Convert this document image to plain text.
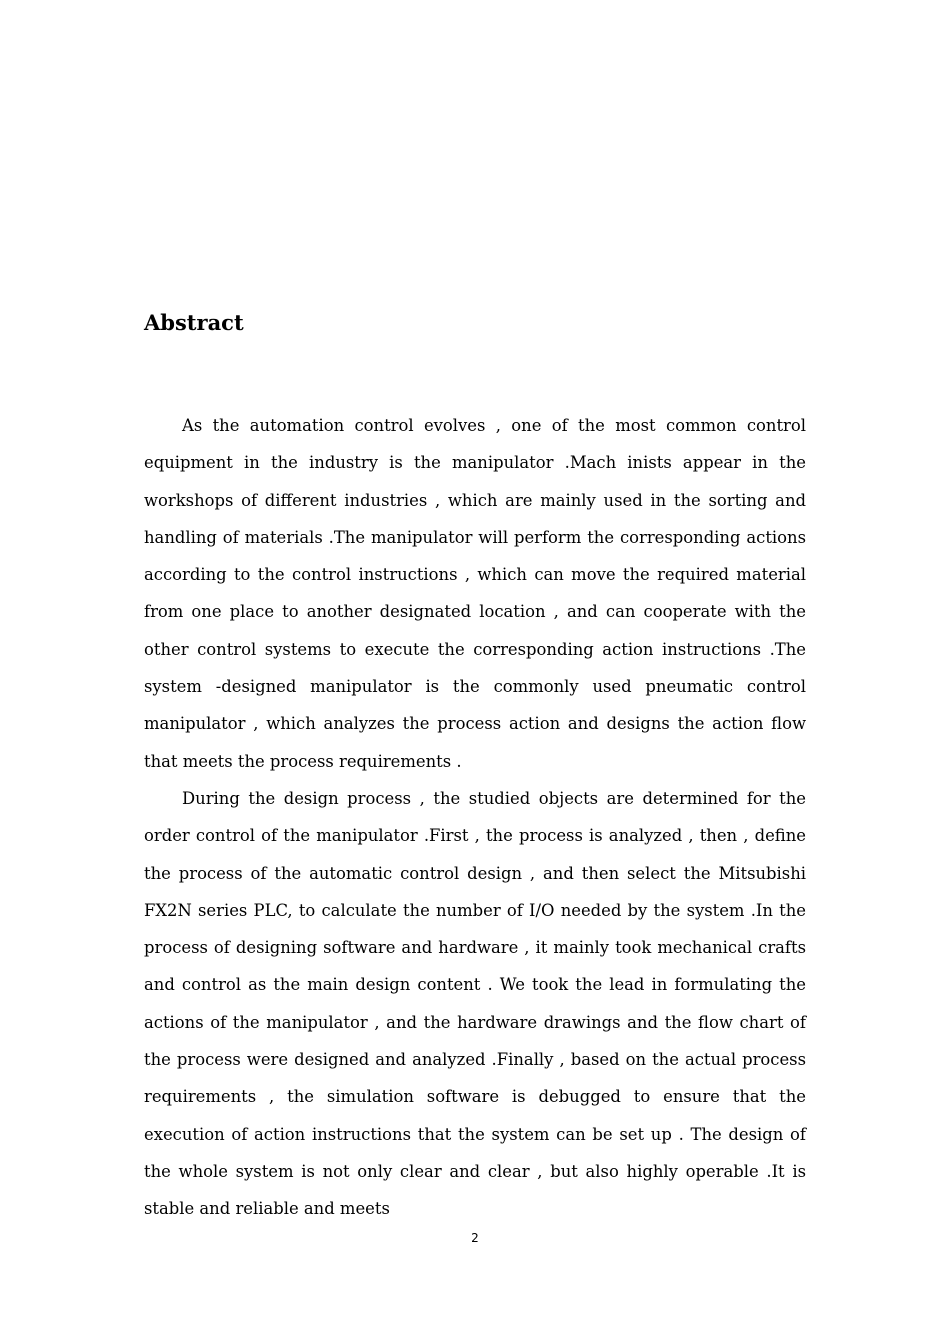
Abstract

As the automation control evolves , one of the most common control equipment in the industry is the manipulator .Mach inists appear in the workshops of different industries , which are mainly used in the sorting and handling of materials .The manipulator will perform the corresponding actions according to the control instructions , which can move the required material from one place to another designated location , and can cooperate with the other control systems to execute the corresponding action instructions .The system -designed manipulator is the commonly used pneumatic control manipulator , which analyzes the process action and designs the action flow that meets the process requirements .

During the design process , the studied objects are determined for the order control of the manipulator .First , the process is analyzed , then , define the process of the automatic control design , and then select the Mitsubishi FX2N series PLC, to calculate the number of I/O needed by the system .In the process of designing software and hardware , it mainly took mechanical crafts and control as the main design content . We took the lead in formulating the actions of the manipulator , and the hardware drawings and the flow chart of the process were designed and analyzed .Finally , based on the actual process requirements , the simulation software is debugged to ensure that the execution of action instructions that the system can be set up . The design of the whole system is not only clear and clear , but also highly operable .It is stable and reliable and meets

2
